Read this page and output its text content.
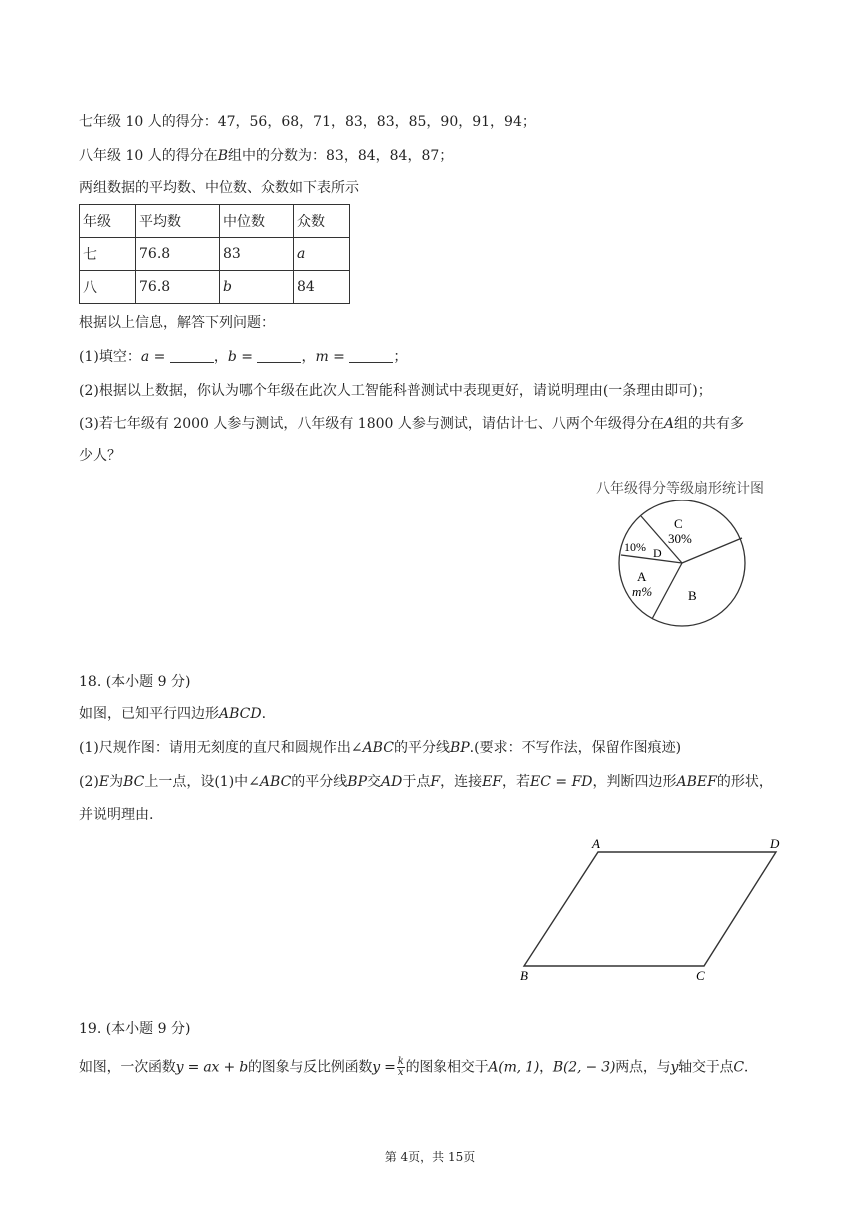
七年级 10 人的得分：47，56，68，71，83，83，85，90，91，94；
八年级 10 人的得分在B组中的分数为：83，84，84，87；
两组数据的平均数、中位数、众数如下表所示
年级	平均数	中位数	众数
七	76.8	83	a
八	76.8	b	84
根据以上信息，解答下列问题：
(1)填空：a =	，b =	，m =	；
(2)根据以上数据，你认为哪个年级在此次人工智能科普测试中表现更好，请说明理由(一条理由即可)；
(3)若七年级有 2000 人参与测试，八年级有 1800 人参与测试，请估计七、八两个年级得分在A组的共有多
少人？
八年级得分等级扇形统计图
C
30%
10% D
A
m%	B
18. (本小题 9 分)
如图，已知平行四边形ABCD.
(1)尺规作图：请用无刻度的直尺和圆规作出∠ABC的平分线BP.(要求：不写作法，保留作图痕迹)
(2)E为BC上一点，设(1)中∠ABC的平分线BP交AD于点F，连接EF，若EC = FD，判断四边形ABEF的形状，
并说明理由.
A	D
B	C
19. (本小题 9 分)
如图，一次函数y = ax + b的图象与反比例函数$y = \frac{k}{x}$ 的图象相交于A(m, 1)，B(2, − 3)两点，与y轴交于点C.
第 4页，共 15页
